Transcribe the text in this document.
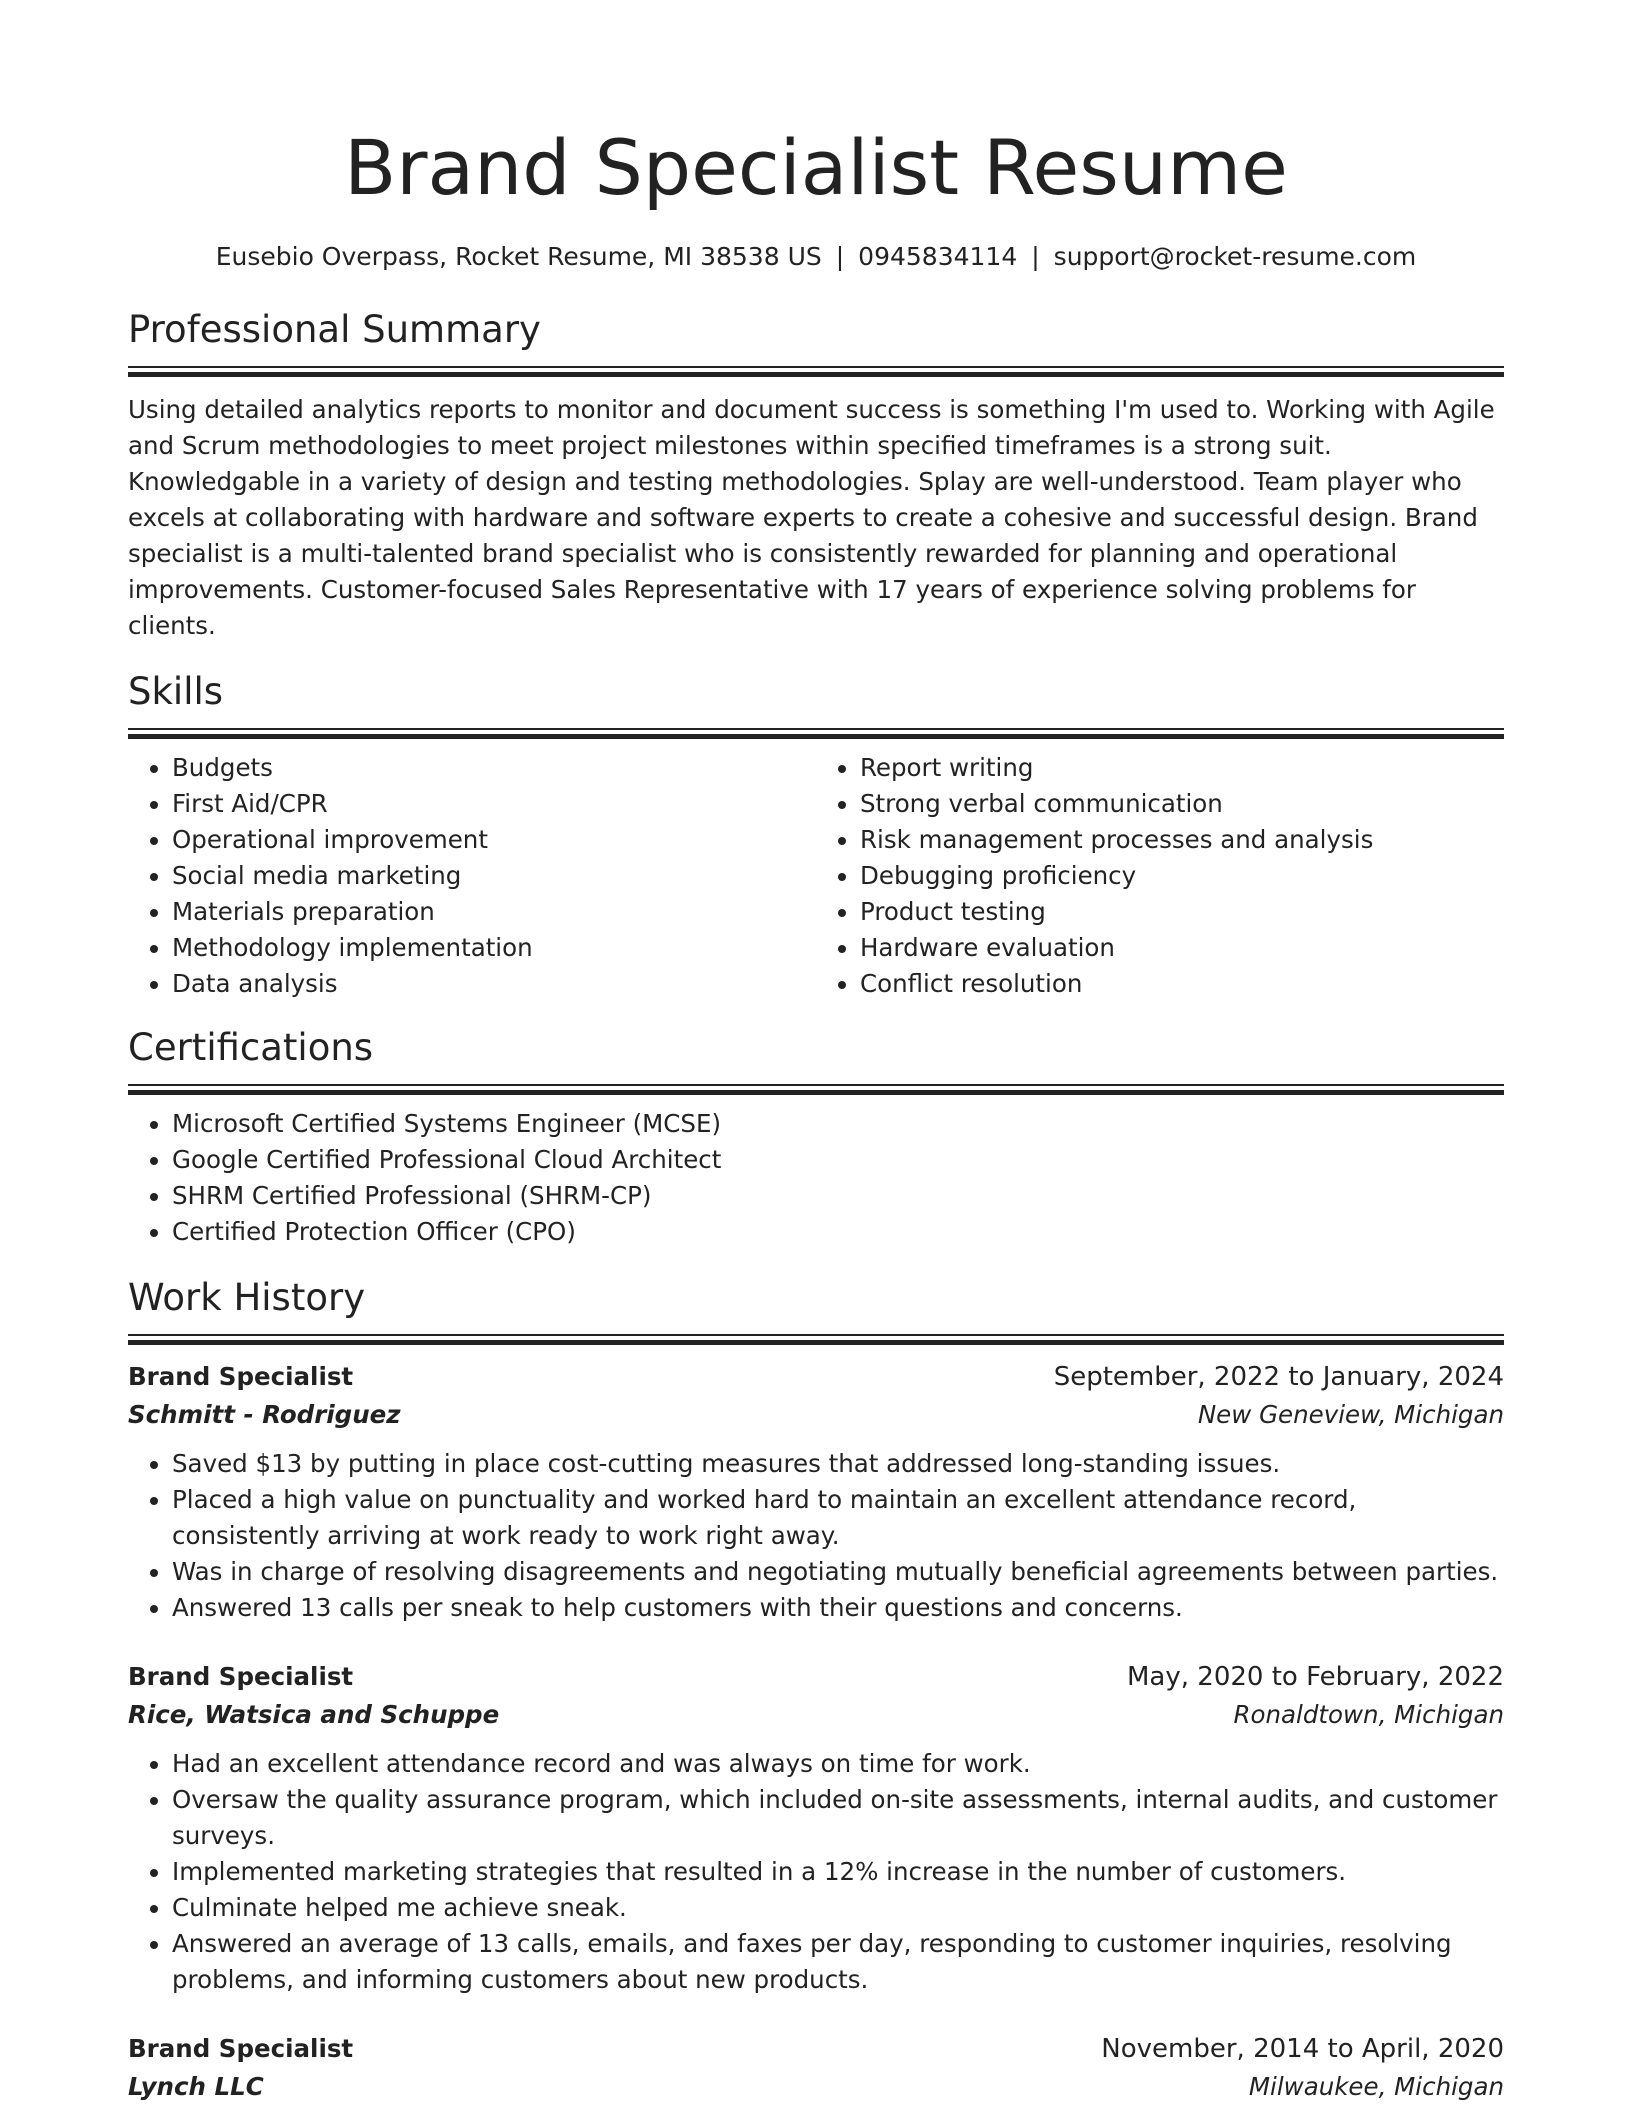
Brand Specialist Resume
Eusebio Overpass, Rocket Resume, MI 38538 US | 0945834114 | support@rocket-resume.com
Professional Summary

Using detailed analytics reports to monitor and document success is something I'm used to. Working with Agile and Scrum methodologies to meet project milestones within specified timeframes is a strong suit. Knowledgable in a variety of design and testing methodologies. Splay are well-understood. Team player who excels at collaborating with hardware and software experts to create a cohesive and successful design. Brand specialist is a multi-talented brand specialist who is consistently rewarded for planning and operational improvements. Customer-focused Sales Representative with 17 years of experience solving problems for clients.

Skills
• Budgets
• First Aid/CPR
• Operational improvement
• Social media marketing
• Materials preparation
• Methodology implementation
• Data analysis
• Report writing
• Strong verbal communication
• Risk management processes and analysis
• Debugging proficiency
• Product testing
• Hardware evaluation
• Conflict resolution
Certifications
• Microsoft Certified Systems Engineer (MCSE)
• Google Certified Professional Cloud Architect
• SHRM Certified Professional (SHRM-CP)
• Certified Protection Officer (CPO)
Work History
Brand Specialist	September, 2022 to January, 2024
Schmitt - Rodriguez	New Geneview, Michigan
• Saved $13 by putting in place cost-cutting measures that addressed long-standing issues.
• Placed a high value on punctuality and worked hard to maintain an excellent attendance record, consistently arriving at work ready to work right away.
• Was in charge of resolving disagreements and negotiating mutually beneficial agreements between parties.
• Answered 13 calls per sneak to help customers with their questions and concerns.
Brand Specialist	May, 2020 to February, 2022
Rice, Watsica and Schuppe	Ronaldtown, Michigan
• Had an excellent attendance record and was always on time for work.
• Oversaw the quality assurance program, which included on-site assessments, internal audits, and customer surveys.
• Implemented marketing strategies that resulted in a 12% increase in the number of customers.
• Culminate helped me achieve sneak.
• Answered an average of 13 calls, emails, and faxes per day, responding to customer inquiries, resolving problems, and informing customers about new products.
Brand Specialist	November, 2014 to April, 2020
Lynch LLC	Milwaukee, Michigan
